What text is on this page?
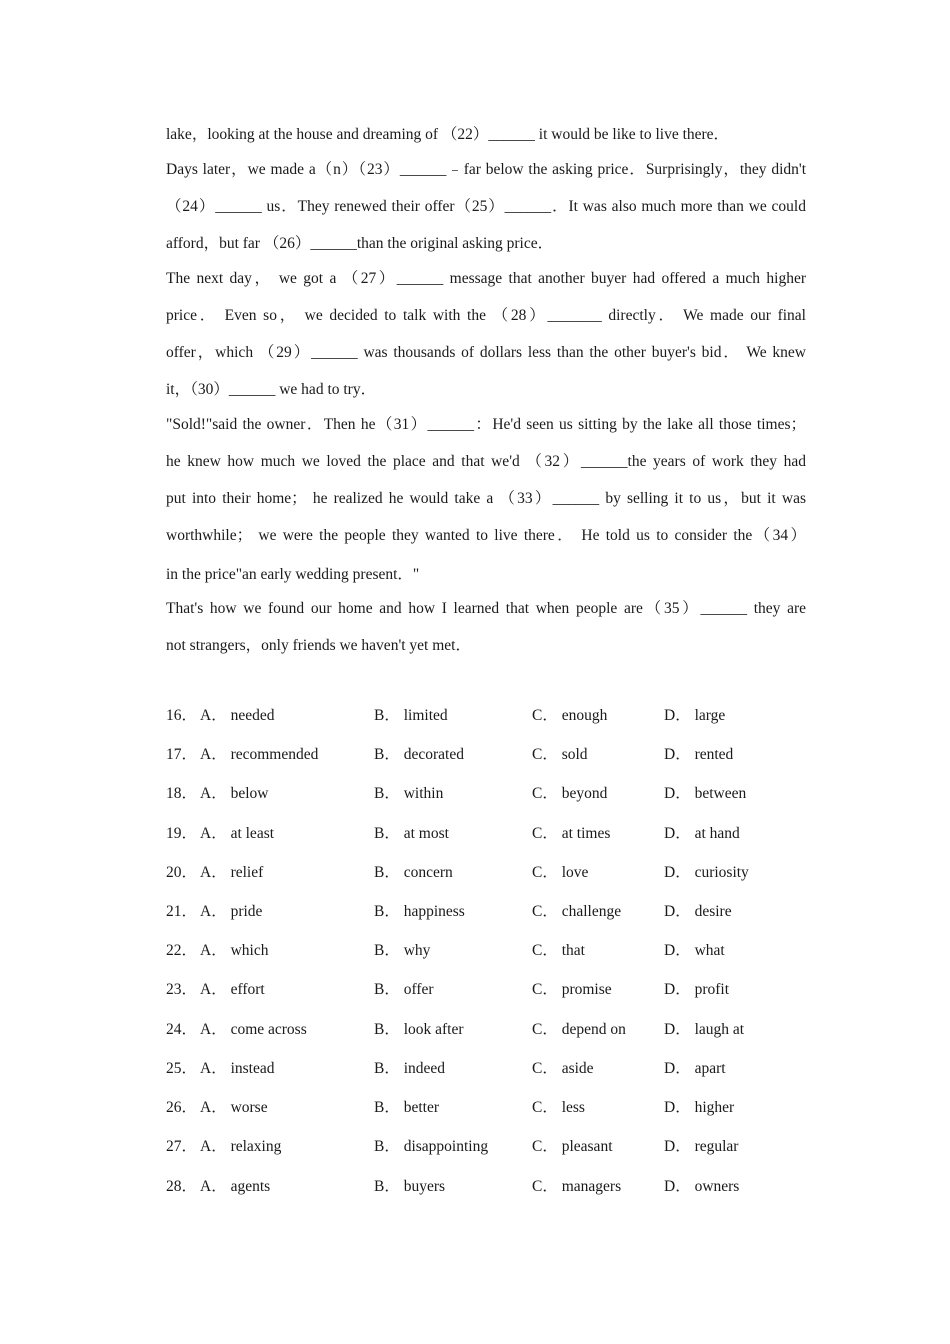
lake，looking at the house and dreaming of （22）______ it would be like to live there．
Days later，we made a（n）（23）______﹣far below the asking price．Surprisingly，they didn't
（24）______ us．They renewed their offer（25）______．It was also much more than we could
afford，but far （26）______than the original asking price．
The next day， we got a （27）______ message that another buyer had offered a much higher
price． Even so， we decided to talk with the （28）_______ directly． We made our final
offer，which （29）______ was thousands of dollars less than the other buyer's bid． We knew
it，（30）______ we had to try．
"Sold!"said the owner．Then he（31）______：He'd seen us sitting by the lake all those times；
he knew how much we loved the place and that we'd （32）______the years of work they had
put into their home； he realized he would take a （33）______ by selling it to us，but it was
worthwhile； we were the people they wanted to live there． He told us to consider the（34）
in the price"an early wedding present．"
That's how we found our home and how I learned that when people are（35）______ they are
not strangers，only friends we haven't yet met．
16． A． needed	B． limited	C． enough	D． large
17． A． recommended	B． decorated	C． sold	D． rented
18． A． below	B． within	C． beyond	D． between
19． A． at least	B． at most	C． at times	D． at hand
20． A． relief	B． concern	C． love	D． curiosity
21． A． pride	B． happiness	C． challenge	D． desire
22． A． which	B． why	C． that	D． what
23． A． effort	B． offer	C． promise	D． profit
24． A． come across	B． look after	C． depend on D． laugh at
25． A． instead	B． indeed	C． aside	D． apart
26． A． worse	B． better	C． less	D． higher
27． A． relaxing	B． disappointing	C． pleasant	D． regular
28． A． agents	B． buyers	C． managers	D． owners
